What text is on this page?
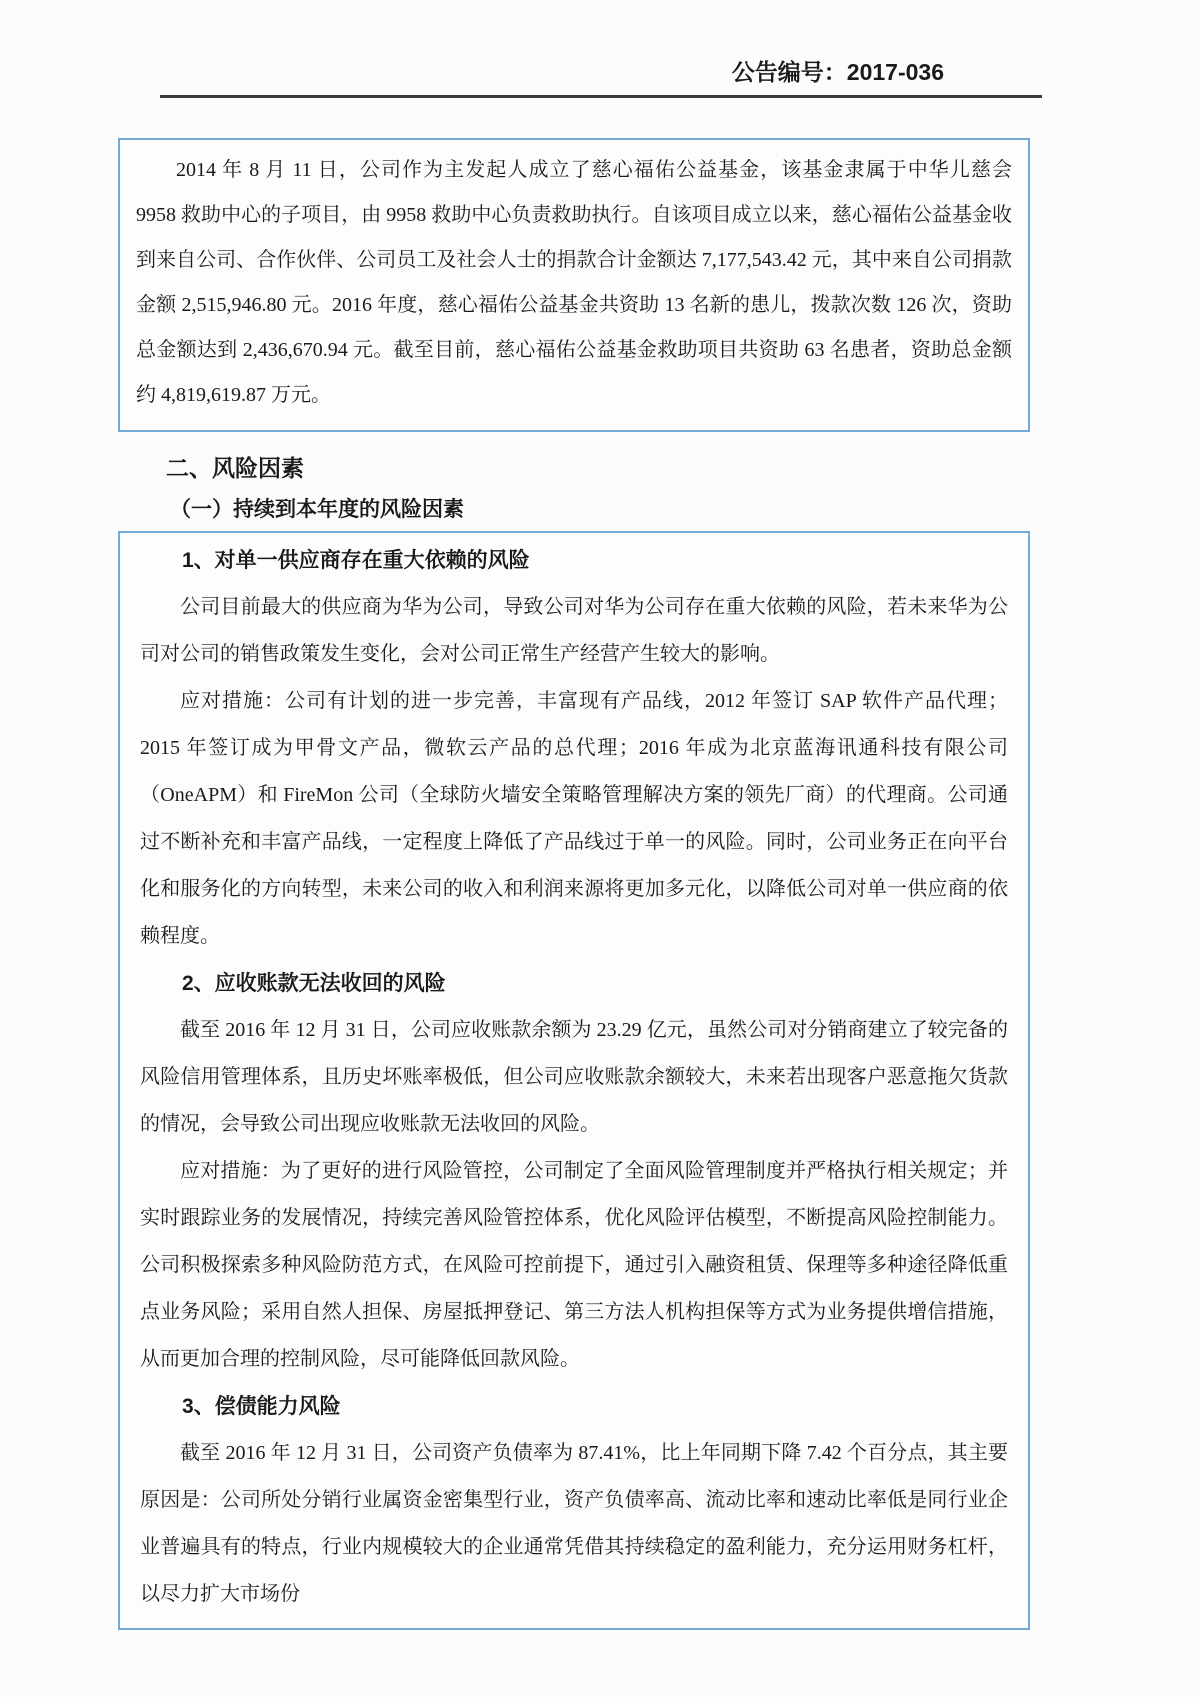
公告编号：2017-036

2014 年 8 月 11 日，公司作为主发起人成立了慈心福佑公益基金，该基金隶属于中华儿慈会 9958 救助中心的子项目，由 9958 救助中心负责救助执行。自该项目成立以来，慈心福佑公益基金收到来自公司、合作伙伴、公司员工及社会人士的捐款合计金额达 7,177,543.42 元，其中来自公司捐款金额 2,515,946.80 元。2016 年度，慈心福佑公益基金共资助 13 名新的患儿，拨款次数 126 次，资助总金额达到 2,436,670.94 元。截至目前，慈心福佑公益基金救助项目共资助 63 名患者，资助总金额约 4,819,619.87 万元。

二、风险因素
（一）持续到本年度的风险因素
1、对单一供应商存在重大依赖的风险

公司目前最大的供应商为华为公司，导致公司对华为公司存在重大依赖的风险，若未来华为公司对公司的销售政策发生变化，会对公司正常生产经营产生较大的影响。

应对措施：公司有计划的进一步完善，丰富现有产品线，2012 年签订 SAP 软件产品代理；2015 年签订成为甲骨文产品，微软云产品的总代理；2016 年成为北京蓝海讯通科技有限公司（OneAPM）和 FireMon 公司（全球防火墙安全策略管理解决方案的领先厂商）的代理商。公司通过不断补充和丰富产品线，一定程度上降低了产品线过于单一的风险。同时，公司业务正在向平台化和服务化的方向转型，未来公司的收入和利润来源将更加多元化，以降低公司对单一供应商的依赖程度。

2、应收账款无法收回的风险

截至 2016 年 12 月 31 日，公司应收账款余额为 23.29 亿元，虽然公司对分销商建立了较完备的风险信用管理体系，且历史坏账率极低，但公司应收账款余额较大，未来若出现客户恶意拖欠货款的情况，会导致公司出现应收账款无法收回的风险。

应对措施：为了更好的进行风险管控，公司制定了全面风险管理制度并严格执行相关规定；并实时跟踪业务的发展情况，持续完善风险管控体系，优化风险评估模型，不断提高风险控制能力。公司积极探索多种风险防范方式，在风险可控前提下，通过引入融资租赁、保理等多种途径降低重点业务风险；采用自然人担保、房屋抵押登记、第三方法人机构担保等方式为业务提供增信措施，从而更加合理的控制风险，尽可能降低回款风险。

3、偿债能力风险

截至 2016 年 12 月 31 日，公司资产负债率为 87.41%，比上年同期下降 7.42 个百分点，其主要原因是：公司所处分销行业属资金密集型行业，资产负债率高、流动比率和速动比率低是同行业企业普遍具有的特点，行业内规模较大的企业通常凭借其持续稳定的盈利能力，充分运用财务杠杆，以尽力扩大市场份
